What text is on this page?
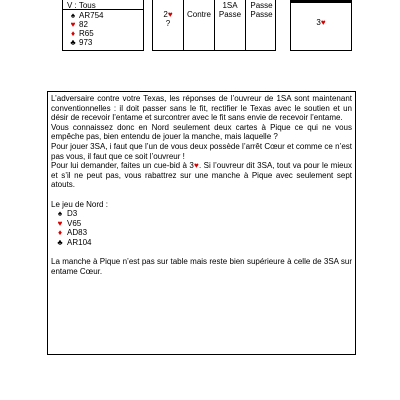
V : Tous
♠ AR754
♥ 82
♦ R65
♣ 973
2♥
?
Contre
1SA
Passe
Passe
Passe
3♥

L’adversaire contre votre Texas, les réponses de l’ouvreur de 1SA sont maintenant conventionnelles : il doit passer sans le fit, rectifier le Texas avec le soutien et un désir de recevoir l’entame et surcontrer avec le fit sans envie de recevoir l’entame.

Vous connaissez donc en Nord seulement deux cartes à Pique ce qui ne vous empêche pas, bien entendu de jouer la manche, mais laquelle ?

Pour jouer 3SA, i faut que l’un de vous deux possède l’arrêt Cœur et comme ce n’est pas vous, il faut que ce soit l’ouvreur !

Pour lui demander, faites un cue-bid à 3♥. Si l’ouvreur dit 3SA, tout va pour le mieux et s’il ne peut pas, vous rabattrez sur une manche à Pique avec seulement sept atouts.

Le jeu de Nord :

♠ D3
♥ V65
♦ AD83
♣ AR104

La manche à Pique n’est pas sur table mais reste bien supérieure à celle de 3SA sur entame Cœur.
